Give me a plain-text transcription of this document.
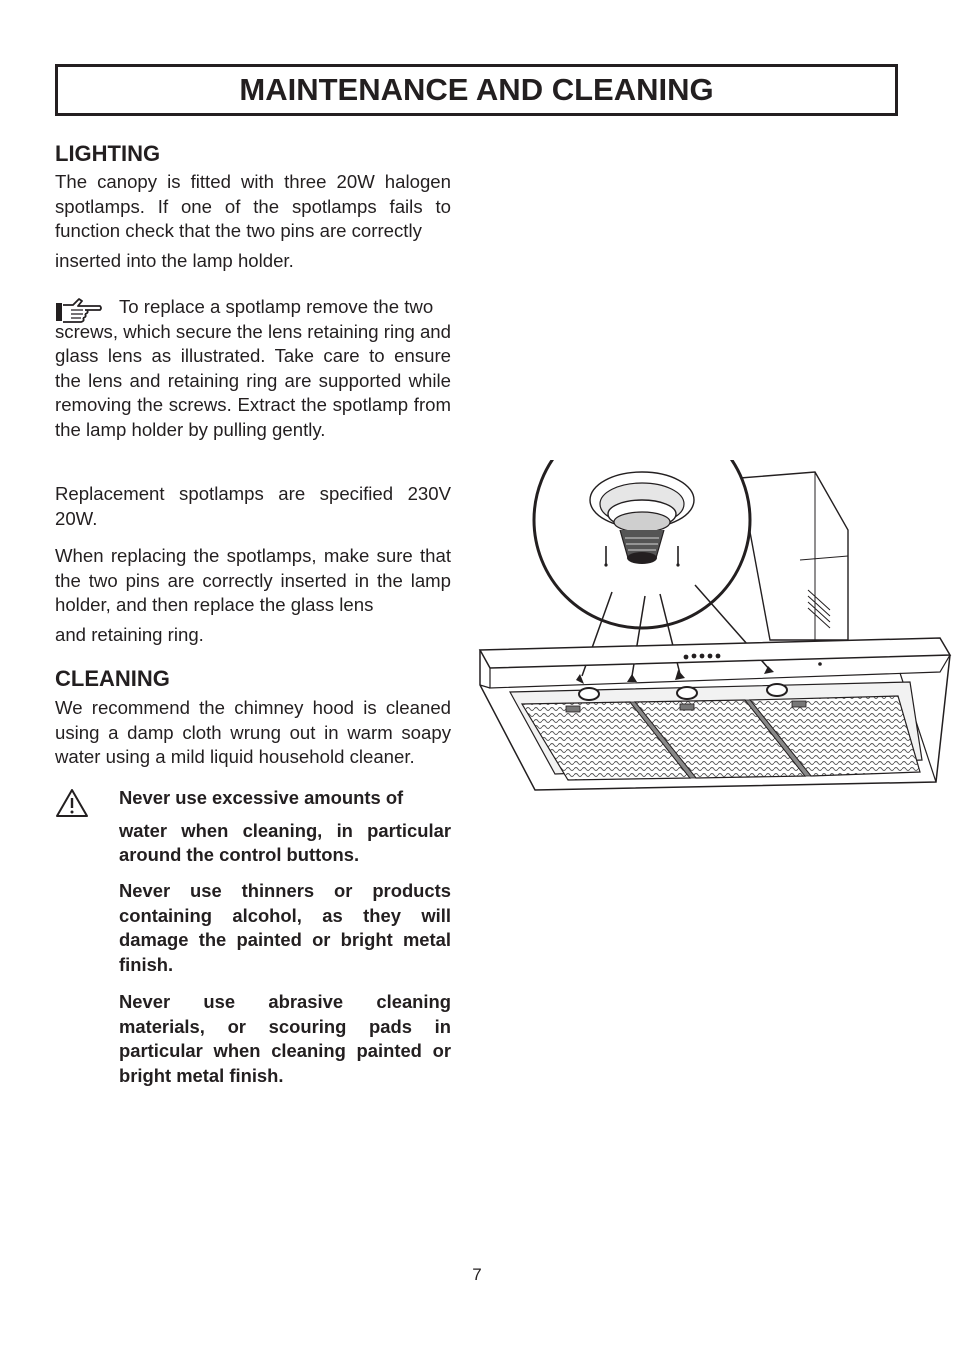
MAINTENANCE AND CLEANING
LIGHTING

The canopy is fitted with three 20W halogen spotlamps. If one of the spotlamps fails to function check that the two pins are correctly

inserted into the lamp holder.

To replace a spotlamp remove the two

screws, which secure the lens retaining ring and glass lens as illustrated. Take care to ensure the lens and retaining ring are supported while removing the screws. Extract the spotlamp from the lamp holder by pulling gently.

Replacement spotlamps are specified 230V 20W.

When replacing the spotlamps, make sure that the two pins are correctly inserted in the lamp holder, and then replace the glass lens

and retaining ring.

CLEANING

We recommend the chimney hood is cleaned using a damp cloth wrung out in warm soapy water using a mild liquid household cleaner.

Never use excessive amounts of

water when cleaning, in particular around the control buttons.

Never use thinners or products containing alcohol, as they will damage the painted or bright metal finish.

Never use abrasive cleaning materials, or scouring pads in particular when cleaning painted or bright metal finish.

7
